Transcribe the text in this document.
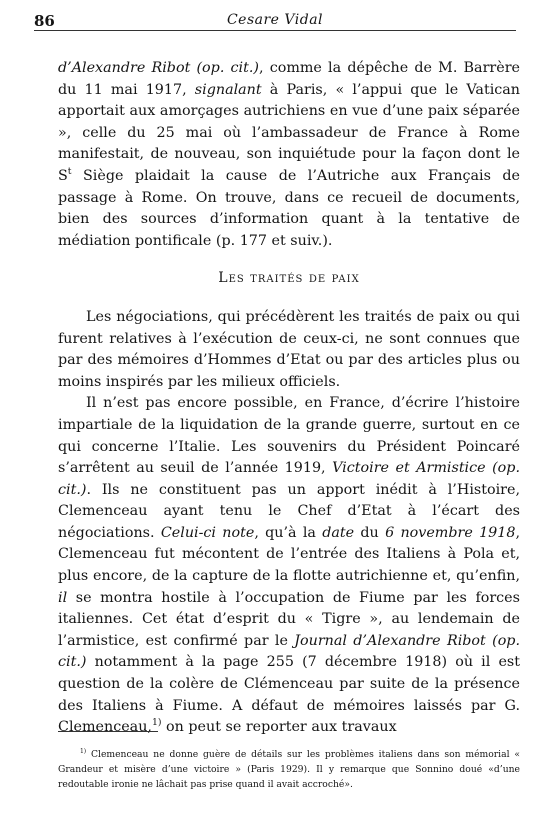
86	Cesare Vidal

d’Alexandre Ribot (op. cit.), comme la dépêche de M. Barrère du 11 mai 1917, signalant à Paris, « l’appui que le Vatican apportait aux amorçages autrichiens en vue d’une paix séparée », celle du 25 mai où l’ambassadeur de France à Rome manifestait, de nouveau, son inquiétude pour la façon dont le $S^t$ Siège plaidait la cause de l’Autriche aux Français de passage à Rome. On trouve, dans ce recueil de documents, bien des sources d’information quant à la tentative de médiation pontificale (p. 177 et suiv.).

Les traités de paix

Les négociations, qui précédèrent les traités de paix ou qui furent relatives à l’exécution de ceux-ci, ne sont connues que par des mémoires d’Hommes d’Etat ou par des articles plus ou moins inspirés par les milieux officiels.

Il n’est pas encore possible, en France, d’écrire l’histoire impartiale de la liquidation de la grande guerre, surtout en ce qui concerne l’Italie. Les souvenirs du Président Poincaré s’arrêtent au seuil de l’année 1919, Victoire et Armistice (op. cit.). Ils ne constituent pas un apport inédit à l’Histoire, Clemenceau ayant tenu le Chef d’Etat à l’écart des négociations. Celui-ci note, qu’à la date du 6 novembre 1918, Clemenceau fut mécontent de l’entrée des Italiens à Pola et, plus encore, de la capture de la flotte autrichienne et, qu’enfin, il se montra hostile à l’occupation de Fiume par les forces italiennes. Cet état d’esprit du « Tigre », au lendemain de l’armistice, est confirmé par le Journal d’Alexandre Ribot (op. cit.) notamment à la page 255 (7 décembre 1918) où il est question de la colère de Clémenceau par suite de la présence des Italiens à Fiume. A défaut de mémoires laissés par G. Clemenceau,$^{1)}$ on peut se reporter aux travaux

$^{1)}$ Clemenceau ne donne guère de détails sur les problèmes italiens dans son mémorial « Grandeur et misère d’une victoire » (Paris 1929). Il y remarque que Sonnino doué «d’une redoutable ironie ne lâchait pas prise quand il avait accroché».
